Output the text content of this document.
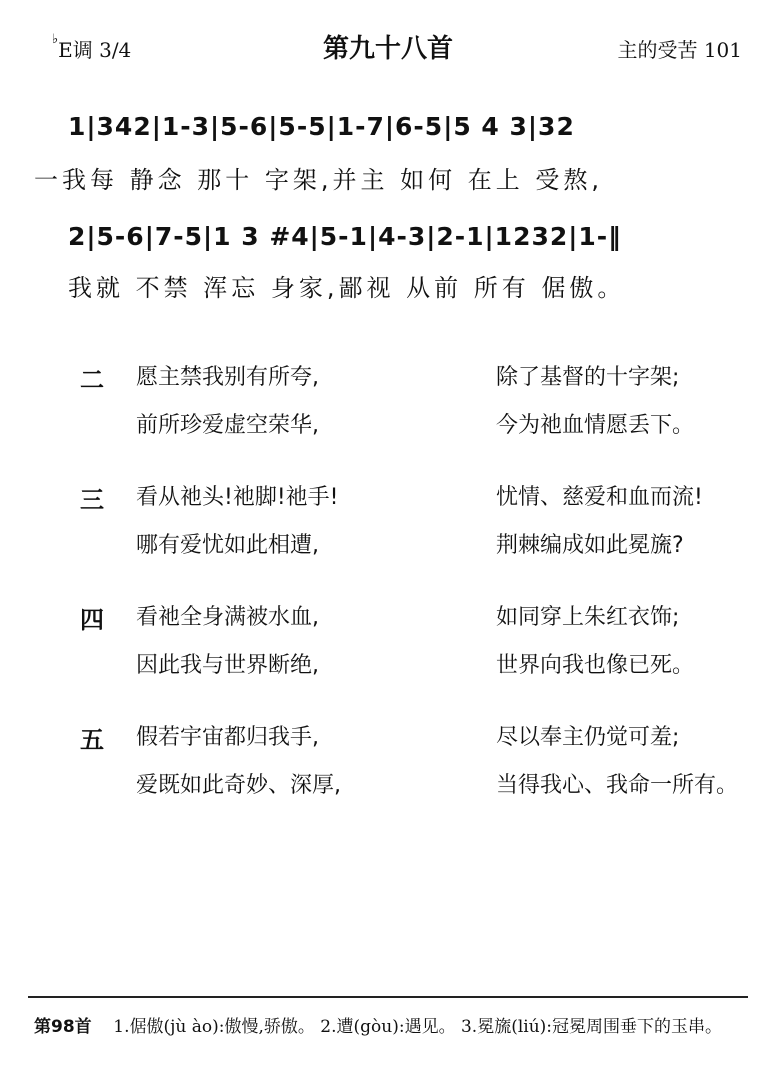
♭E调 3/4	第九十八首	主的受苦 101
1|342|1-3|5-6|5-5|1-7|6-5|5 4 3|32
一我每 静念 那十 字架,并主 如何 在上 受熬,
2|5-6|7-5|1 3 #4|5-1|4-3|2-1|1232|1-‖
我就 不禁 浑忘 身家,鄙视 从前 所有 倨傲。
二 愿主禁我别有所夸,	除了基督的十字架;
前所珍爱虚空荣华,	今为祂血情愿丢下。
三 看从祂头!祂脚!祂手!	忧情、慈爱和血而流!
哪有爱忧如此相遭,	荆棘编成如此冕旒?
四 看祂全身满被水血,	如同穿上朱红衣饰;
因此我与世界断绝,	世界向我也像已死。
五 假若宇宙都归我手,	尽以奉主仍觉可羞;
爱既如此奇妙、深厚,	当得我心、我命一所有。
第98首 1.倨傲(jù ào):傲慢,骄傲。 2.遭(gòu):遇见。 3.冕旒(liú):冠冕周围垂下的玉串。
